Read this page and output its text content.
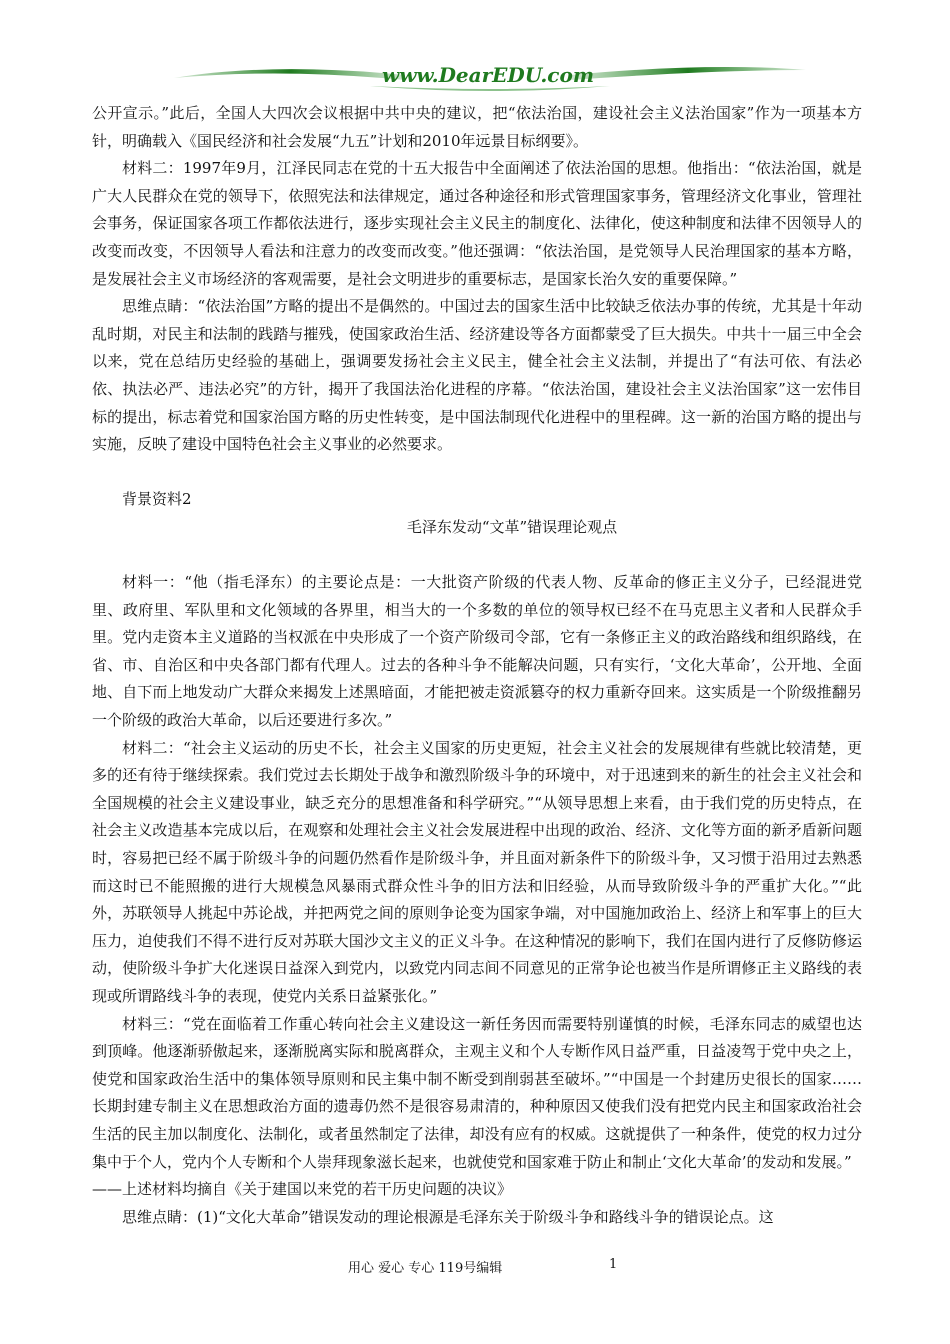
www.DearEDU.com

公开宣示。”此后，全国人大四次会议根据中共中央的建议，把“依法治国，建设社会主义法治国家”作为一项基本方针，明确载入《国民经济和社会发展“九五”计划和2010年远景目标纲要》。

材料二：1997年9月，江泽民同志在党的十五大报告中全面阐述了依法治国的思想。他指出：“依法治国，就是广大人民群众在党的领导下，依照宪法和法律规定，通过各种途径和形式管理国家事务，管理经济文化事业，管理社会事务，保证国家各项工作都依法进行，逐步实现社会主义民主的制度化、法律化，使这种制度和法律不因领导人的改变而改变，不因领导人看法和注意力的改变而改变。”他还强调：“依法治国，是党领导人民治理国家的基本方略，是发展社会主义市场经济的客观需要，是社会文明进步的重要标志，是国家长治久安的重要保障。”

思维点睛：“依法治国”方略的提出不是偶然的。中国过去的国家生活中比较缺乏依法办事的传统，尤其是十年动乱时期，对民主和法制的践踏与摧残，使国家政治生活、经济建设等各方面都蒙受了巨大损失。中共十一届三中全会以来，党在总结历史经验的基础上，强调要发扬社会主义民主，健全社会主义法制，并提出了“有法可依、有法必依、执法必严、违法必究”的方针，揭开了我国法治化进程的序幕。“依法治国，建设社会主义法治国家”这一宏伟目标的提出，标志着党和国家治国方略的历史性转变，是中国法制现代化进程中的里程碑。这一新的治国方略的提出与实施，反映了建设中国特色社会主义事业的必然要求。

背景资料2

毛泽东发动“文革”错误理论观点

材料一：“他（指毛泽东）的主要论点是：一大批资产阶级的代表人物、反革命的修正主义分子，已经混进党里、政府里、军队里和文化领域的各界里，相当大的一个多数的单位的领导权已经不在马克思主义者和人民群众手里。党内走资本主义道路的当权派在中央形成了一个资产阶级司令部，它有一条修正主义的政治路线和组织路线，在省、市、自治区和中央各部门都有代理人。过去的各种斗争不能解决问题，只有实行，‘文化大革命’，公开地、全面地、自下而上地发动广大群众来揭发上述黑暗面，才能把被走资派篡夺的权力重新夺回来。这实质是一个阶级推翻另一个阶级的政治大革命，以后还要进行多次。”

材料二：“社会主义运动的历史不长，社会主义国家的历史更短，社会主义社会的发展规律有些就比较清楚，更多的还有待于继续探索。我们党过去长期处于战争和激烈阶级斗争的环境中，对于迅速到来的新生的社会主义社会和全国规模的社会主义建设事业，缺乏充分的思想准备和科学研究。”“从领导思想上来看，由于我们党的历史特点，在社会主义改造基本完成以后，在观察和处理社会主义社会发展进程中出现的政治、经济、文化等方面的新矛盾新问题时，容易把已经不属于阶级斗争的问题仍然看作是阶级斗争，并且面对新条件下的阶级斗争，又习惯于沿用过去熟悉而这时已不能照搬的进行大规模急风暴雨式群众性斗争的旧方法和旧经验，从而导致阶级斗争的严重扩大化。”“此外，苏联领导人挑起中苏论战，并把两党之间的原则争论变为国家争端，对中国施加政治上、经济上和军事上的巨大压力，迫使我们不得不进行反对苏联大国沙文主义的正义斗争。在这种情况的影响下，我们在国内进行了反修防修运动，使阶级斗争扩大化迷误日益深入到党内，以致党内同志间不同意见的正常争论也被当作是所谓修正主义路线的表现或所谓路线斗争的表现，使党内关系日益紧张化。”

材料三：“党在面临着工作重心转向社会主义建设这一新任务因而需要特别谨慎的时候，毛泽东同志的威望也达到顶峰。他逐渐骄傲起来，逐渐脱离实际和脱离群众，主观主义和个人专断作风日益严重，日益凌驾于党中央之上，使党和国家政治生活中的集体领导原则和民主集中制不断受到削弱甚至破坏。”“中国是一个封建历史很长的国家……长期封建专制主义在思想政治方面的遗毒仍然不是很容易肃清的，种种原因又使我们没有把党内民主和国家政治社会生活的民主加以制度化、法制化，或者虽然制定了法律，却没有应有的权威。这就提供了一种条件，使党的权力过分集中于个人，党内个人专断和个人崇拜现象滋长起来，也就使党和国家难于防止和制止‘文化大革命’的发动和发展。”

——上述材料均摘自《关于建国以来党的若干历史问题的决议》

思维点睛：(1)“文化大革命”错误发动的理论根源是毛泽东关于阶级斗争和路线斗争的错误论点。这

用心 爱心 专心 119号编辑	1
